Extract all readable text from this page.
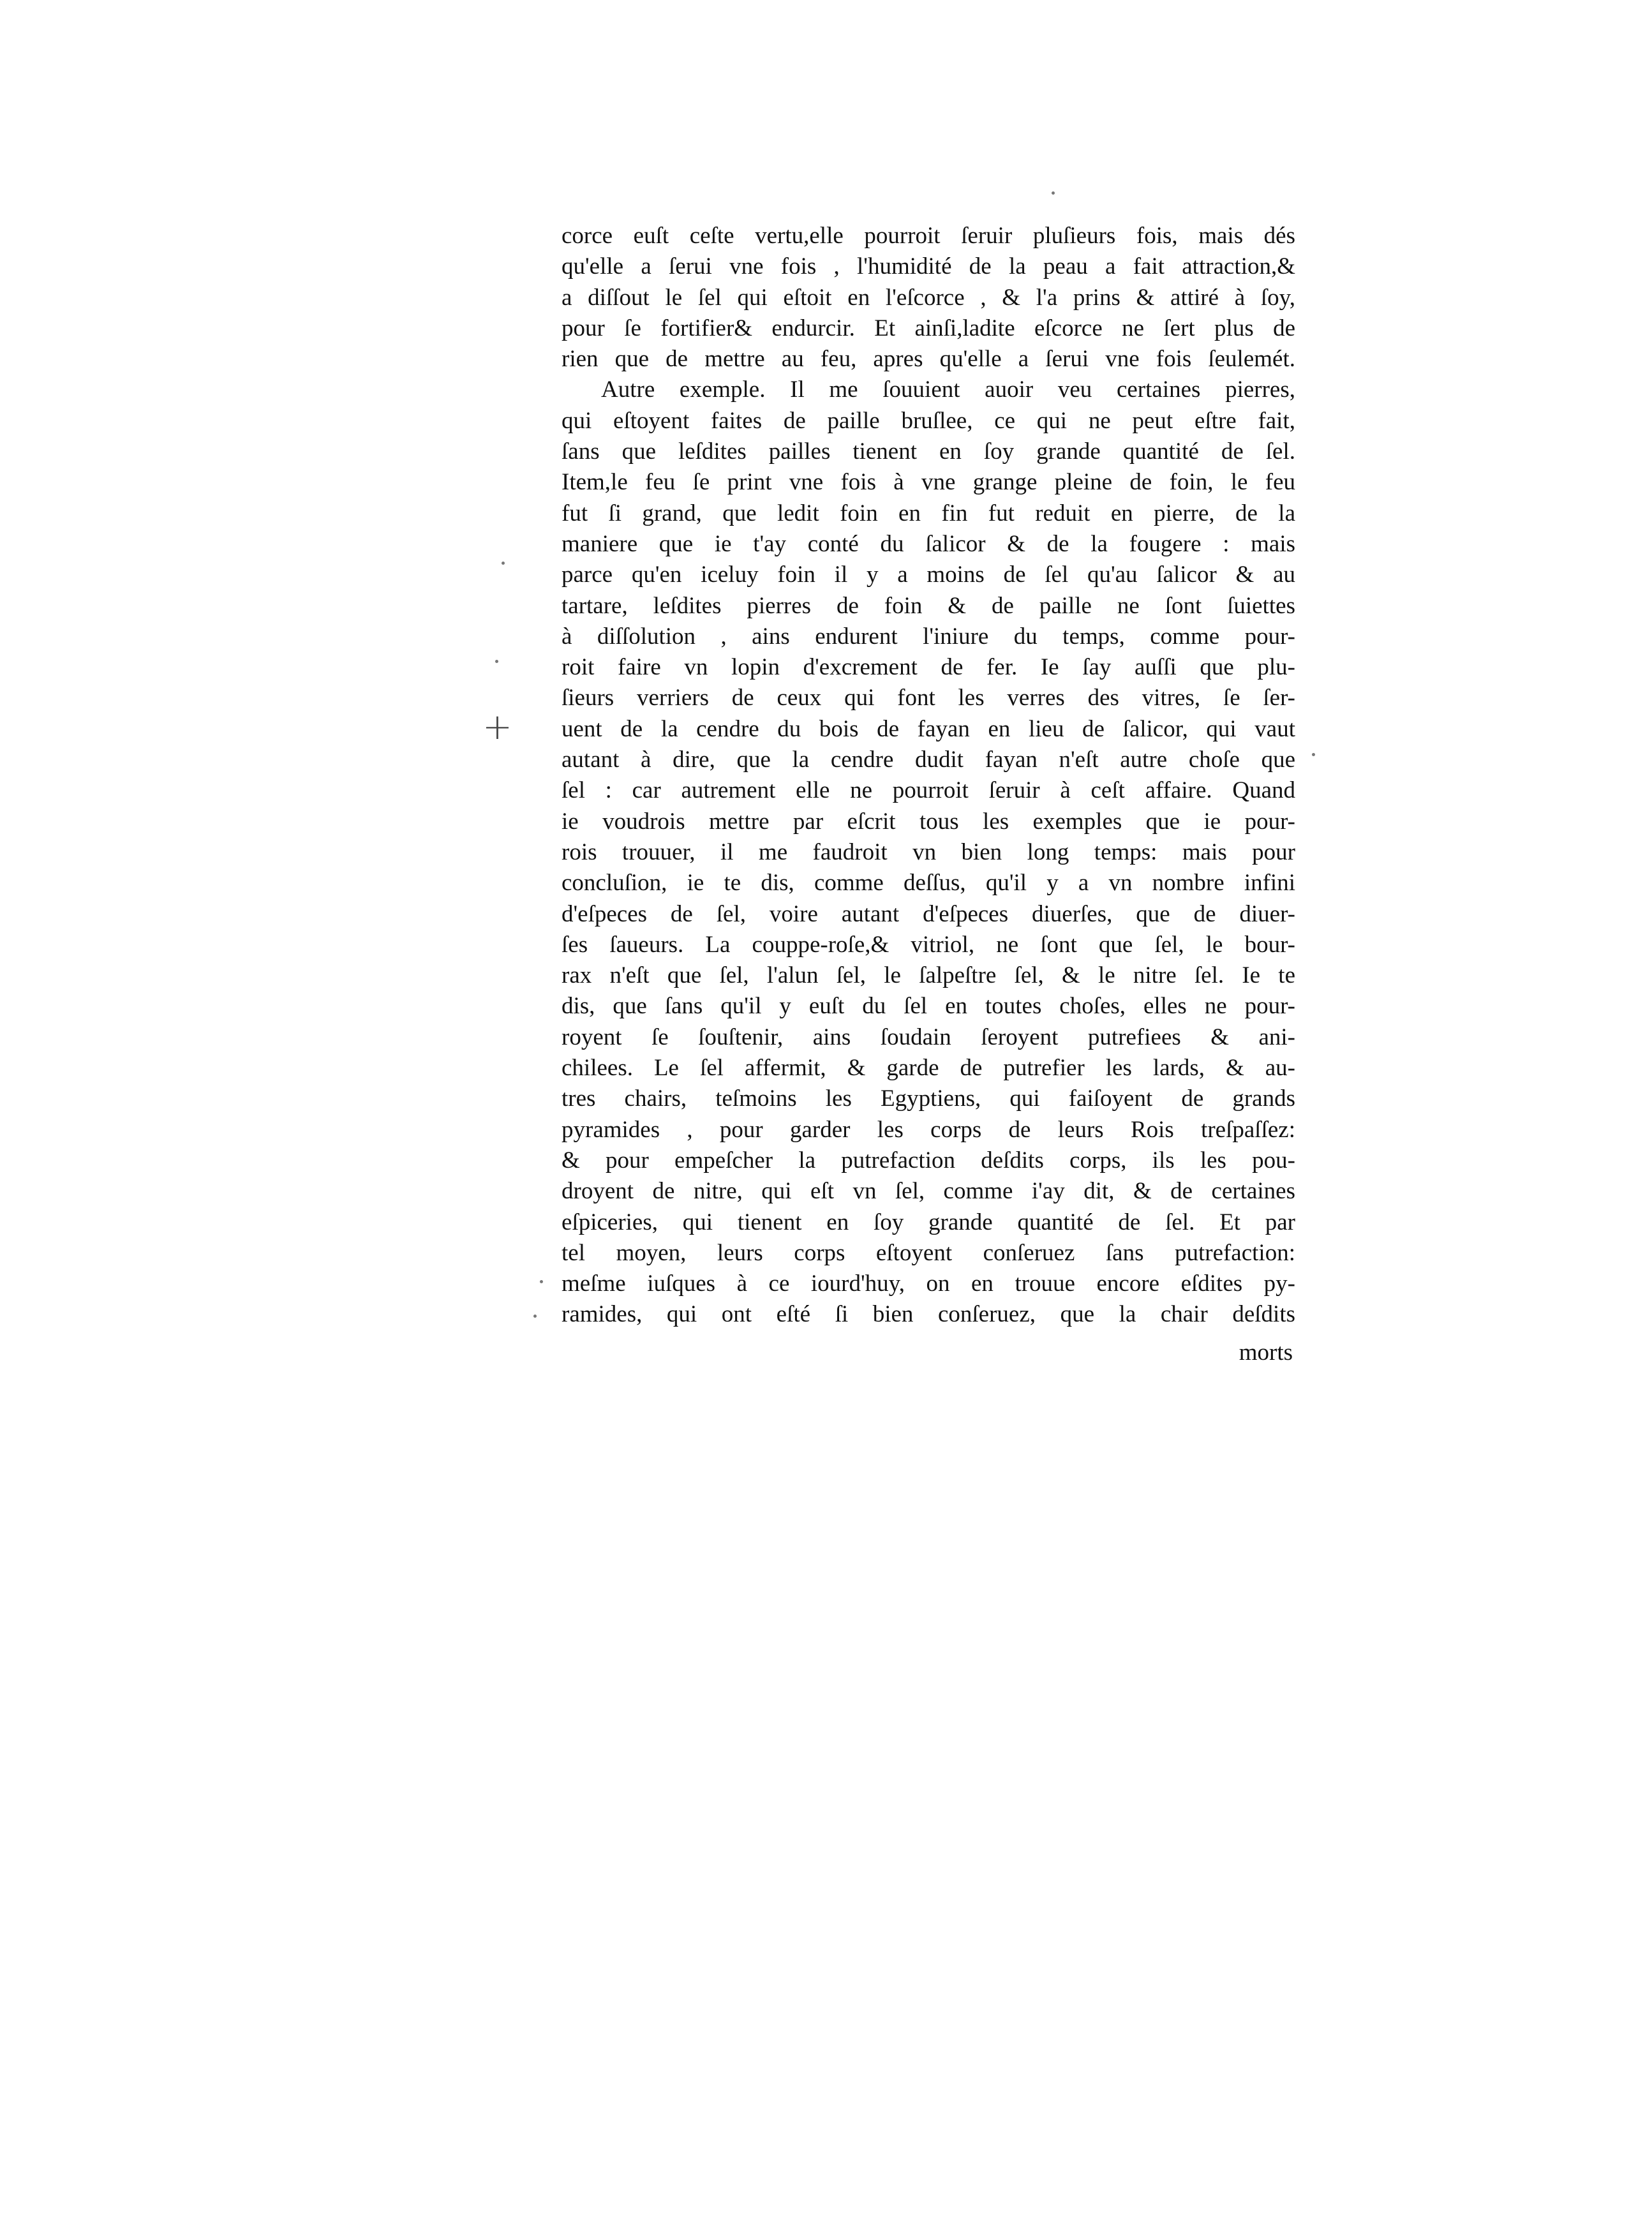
corce euſt ceſte vertu,elle pourroit ſeruir pluſieurs fois, mais dés
qu'elle a ſerui vne fois , l'humidité de la peau a fait attraction,&
a diſſout le ſel qui eſtoit en l'eſcorce , & l'a prins & attiré à ſoy,
pour ſe fortifier& endurcir. Et ainſi,ladite eſcorce ne ſert plus de
rien que de mettre au feu, apres qu'elle a ſerui vne fois ſeulemét.
Autre exemple. Il me ſouuient auoir veu certaines pierres,
qui eſtoyent faites de paille bruſlee, ce qui ne peut eſtre fait,
ſans que leſdites pailles tienent en ſoy grande quantité de ſel.
Item,le feu ſe print vne fois à vne grange pleine de foin, le feu
fut ſi grand, que ledit foin en fin fut reduit en pierre, de la
maniere que ie t'ay conté du ſalicor & de la fougere : mais
parce qu'en iceluy foin il y a moins de ſel qu'au ſalicor & au
tartare, leſdites pierres de foin & de paille ne ſont ſuiettes
à diſſolution , ains endurent l'iniure du temps, comme pour-
roit faire vn lopin d'excrement de fer. Ie ſay auſſi que plu-
ſieurs verriers de ceux qui font les verres des vitres, ſe ſer-
uent de la cendre du bois de fayan en lieu de ſalicor, qui vaut
autant à dire, que la cendre dudit fayan n'eſt autre choſe que
ſel : car autrement elle ne pourroit ſeruir à ceſt affaire. Quand
ie voudrois mettre par eſcrit tous les exemples que ie pour-
rois trouuer, il me faudroit vn bien long temps: mais pour
concluſion, ie te dis, comme deſſus, qu'il y a vn nombre infini
d'eſpeces de ſel, voire autant d'eſpeces diuerſes, que de diuer-
ſes ſaueurs. La couppe-roſe,& vitriol, ne ſont que ſel, le bour-
rax n'eſt que ſel, l'alun ſel, le ſalpeſtre ſel, & le nitre ſel. Ie te
dis, que ſans qu'il y euſt du ſel en toutes choſes, elles ne pour-
royent ſe ſouſtenir, ains ſoudain ſeroyent putrefiees & ani-
chilees. Le ſel affermit, & garde de putrefier les lards, & au-
tres chairs, teſmoins les Egyptiens, qui faiſoyent de grands
pyramides , pour garder les corps de leurs Rois treſpaſſez:
& pour empeſcher la putrefaction deſdits corps, ils les pou-
droyent de nitre, qui eſt vn ſel, comme i'ay dit, & de certaines
eſpiceries, qui tienent en ſoy grande quantité de ſel. Et par
tel moyen, leurs corps eſtoyent conſeruez ſans putrefaction:
meſme iuſques à ce iourd'huy, on en trouue encore eſdites py-
ramides, qui ont eſté ſi bien conſeruez, que la chair deſdits
morts
+
